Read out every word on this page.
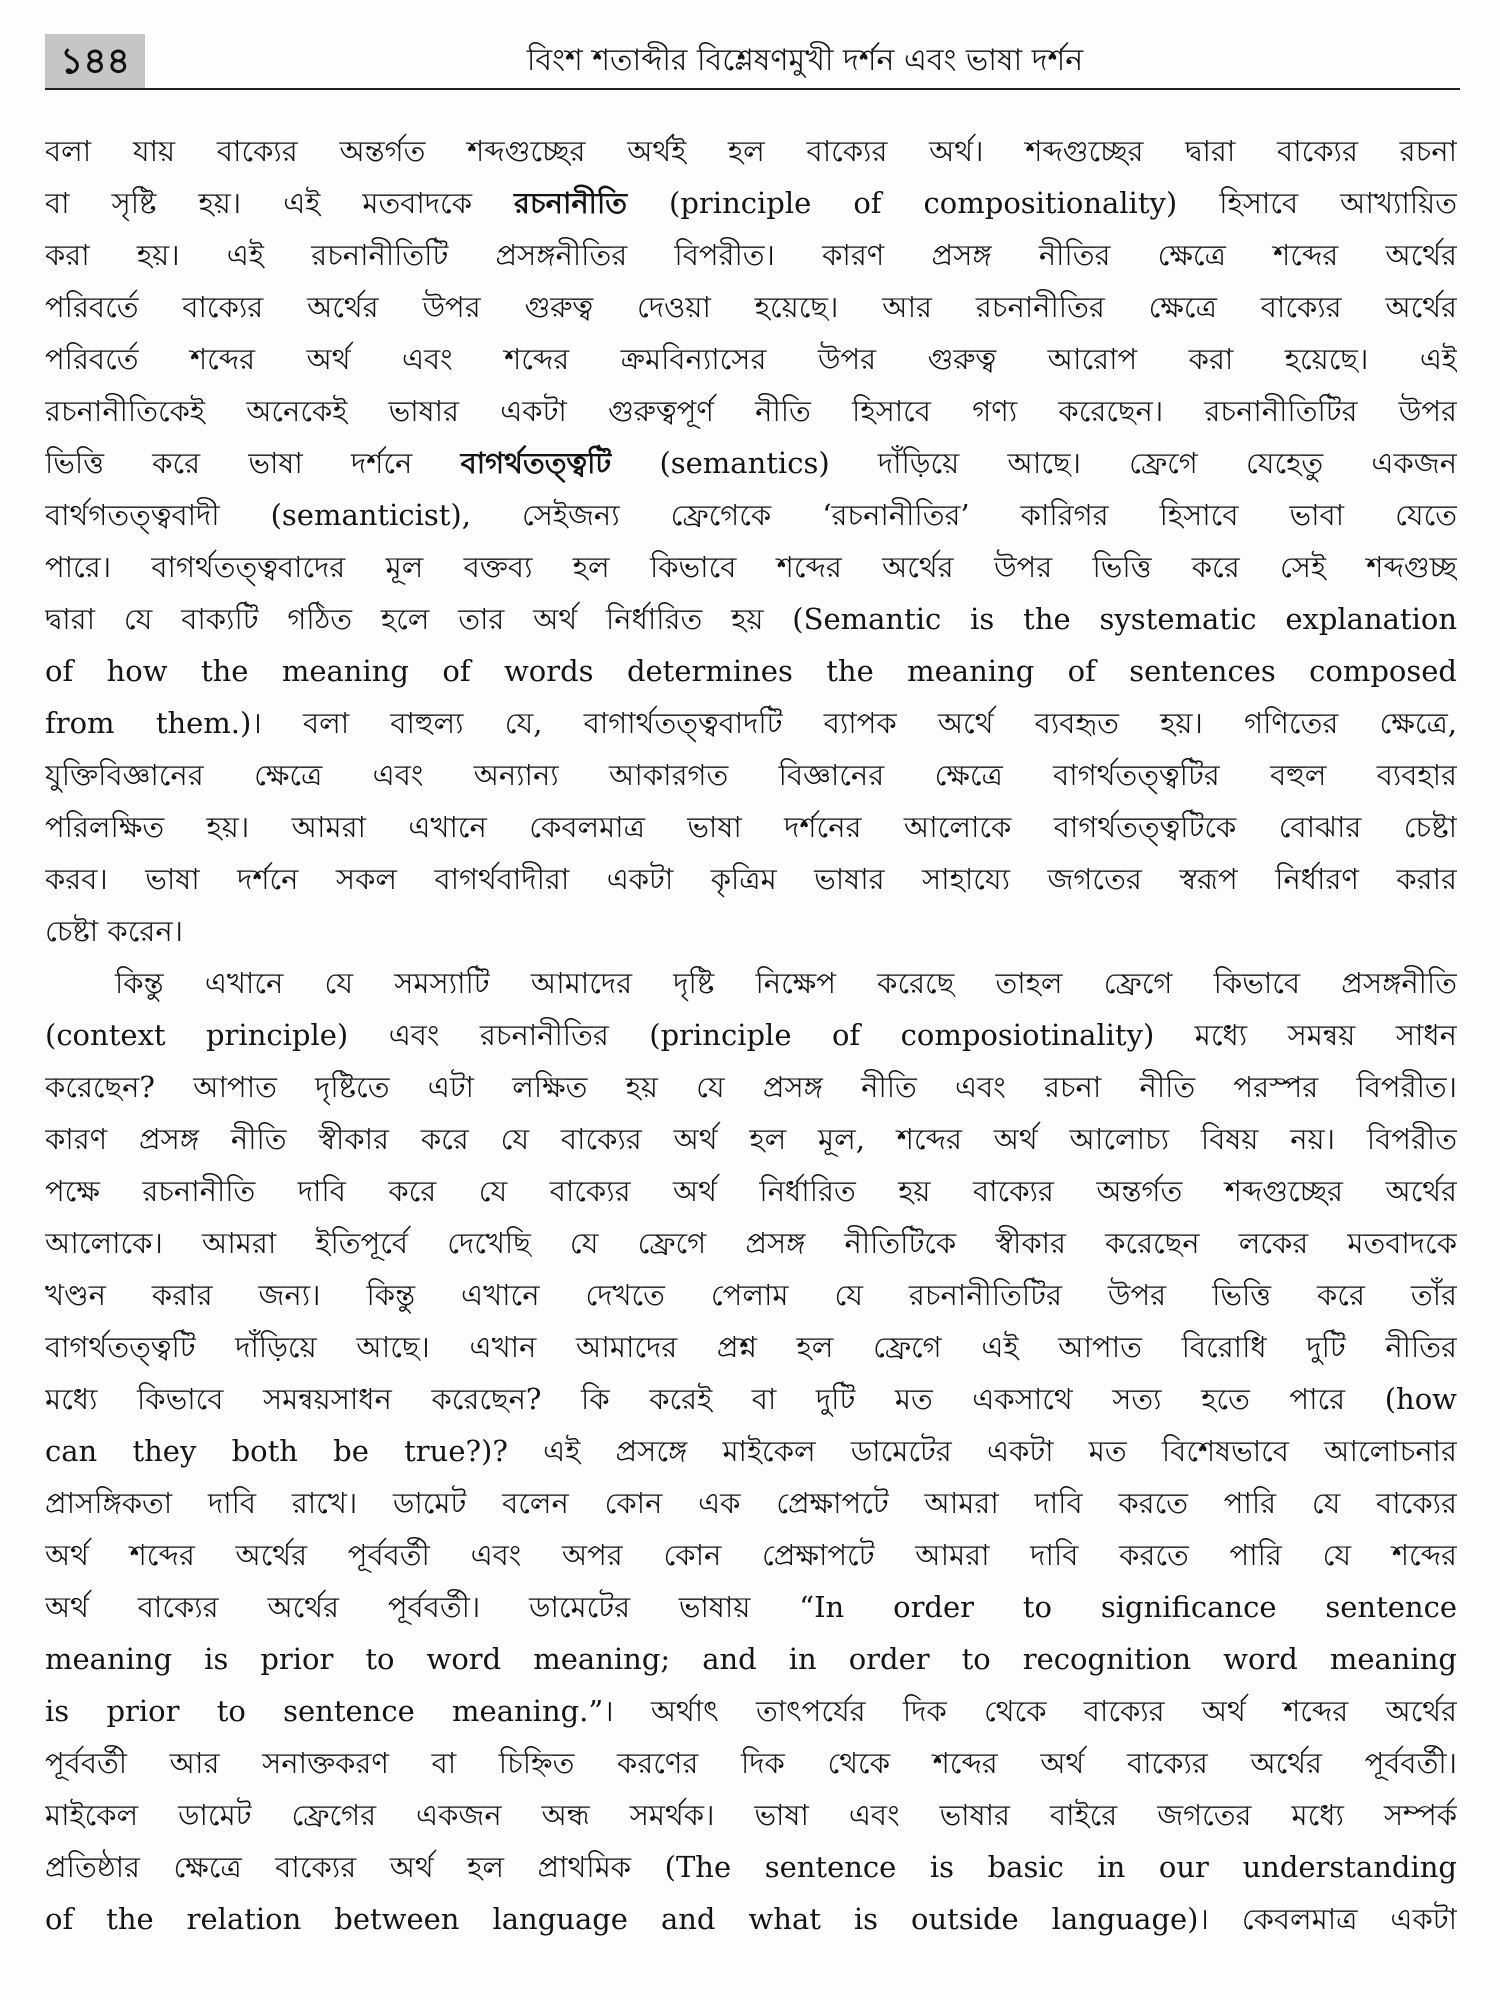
১৪৪	বিংশ শতাব্দীর বিশ্লেষণমুখী দর্শন এবং ভাষা দর্শন
বলা যায় বাক্যের অন্তর্গত শব্দগুচ্ছের অর্থই হল বাক্যের অর্থ। শব্দগুচ্ছের দ্বারা বাক্যের রচনা
বা সৃষ্টি হয়। এই মতবাদকে রচনানীতি (principle of compositionality) হিসাবে আখ্যায়িত
করা হয়। এই রচনানীতিটি প্রসঙ্গনীতির বিপরীত। কারণ প্রসঙ্গ নীতির ক্ষেত্রে শব্দের অর্থের
পরিবর্তে বাক্যের অর্থের উপর গুরুত্ব দেওয়া হয়েছে। আর রচনানীতির ক্ষেত্রে বাক্যের অর্থের
পরিবর্তে শব্দের অর্থ এবং শব্দের ক্রমবিন্যাসের উপর গুরুত্ব আরোপ করা হয়েছে। এই
রচনানীতিকেই অনেকেই ভাষার একটা গুরুত্বপূর্ণ নীতি হিসাবে গণ্য করেছেন। রচনানীতিটির উপর
ভিত্তি করে ভাষা দর্শনে বাগর্থতত্ত্বটি (semantics) দাঁড়িয়ে আছে। ফ্রেগে যেহেতু একজন
বার্থগতত্ত্ববাদী (semanticist), সেইজন্য ফ্রেগেকে ‘রচনানীতির’ কারিগর হিসাবে ভাবা যেতে
পারে। বাগর্থতত্ত্ববাদের মূল বক্তব্য হল কিভাবে শব্দের অর্থের উপর ভিত্তি করে সেই শব্দগুচ্ছ
দ্বারা যে বাক্যটি গঠিত হলে তার অর্থ নির্ধারিত হয় (Semantic is the systematic explanation
of how the meaning of words determines the meaning of sentences composed
from them.)। বলা বাহুল্য যে, বাগার্থতত্ত্ববাদটি ব্যাপক অর্থে ব্যবহৃত হয়। গণিতের ক্ষেত্রে,
যুক্তিবিজ্ঞানের ক্ষেত্রে এবং অন্যান্য আকারগত বিজ্ঞানের ক্ষেত্রে বাগর্থতত্ত্বটির বহুল ব্যবহার
পরিলক্ষিত হয়। আমরা এখানে কেবলমাত্র ভাষা দর্শনের আলোকে বাগর্থতত্ত্বটিকে বোঝার চেষ্টা
করব। ভাষা দর্শনে সকল বাগর্থবাদীরা একটা কৃত্রিম ভাষার সাহায্যে জগতের স্বরূপ নির্ধারণ করার
চেষ্টা করেন।
কিন্তু এখানে যে সমস্যাটি আমাদের দৃষ্টি নিক্ষেপ করেছে তাহল ফ্রেগে কিভাবে প্রসঙ্গনীতি
(context principle) এবং রচনানীতির (principle of composiotinality) মধ্যে সমন্বয় সাধন
করেছেন? আপাত দৃষ্টিতে এটা লক্ষিত হয় যে প্রসঙ্গ নীতি এবং রচনা নীতি পরস্পর বিপরীত।
কারণ প্রসঙ্গ নীতি স্বীকার করে যে বাক্যের অর্থ হল মূল, শব্দের অর্থ আলোচ্য বিষয় নয়। বিপরীত
পক্ষে রচনানীতি দাবি করে যে বাক্যের অর্থ নির্ধারিত হয় বাক্যের অন্তর্গত শব্দগুচ্ছের অর্থের
আলোকে। আমরা ইতিপূর্বে দেখেছি যে ফ্রেগে প্রসঙ্গ নীতিটিকে স্বীকার করেছেন লকের মতবাদকে
খণ্ডন করার জন্য। কিন্তু এখানে দেখতে পেলাম যে রচনানীতিটির উপর ভিত্তি করে তাঁর
বাগর্থতত্ত্বটি দাঁড়িয়ে আছে। এখান আমাদের প্রশ্ন হল ফ্রেগে এই আপাত বিরোধি দুটি নীতির
মধ্যে কিভাবে সমন্বয়সাধন করেছেন? কি করেই বা দুটি মত একসাথে সত্য হতে পারে (how
can they both be true?)? এই প্রসঙ্গে মাইকেল ডামেটের একটা মত বিশেষভাবে আলোচনার
প্রাসঙ্গিকতা দাবি রাখে। ডামেট বলেন কোন এক প্রেক্ষাপটে আমরা দাবি করতে পারি যে বাক্যের
অর্থ শব্দের অর্থের পূর্ববর্তী এবং অপর কোন প্রেক্ষাপটে আমরা দাবি করতে পারি যে শব্দের
অর্থ বাক্যের অর্থের পূর্ববর্তী। ডামেটের ভাষায় “In order to significance sentence
meaning is prior to word meaning; and in order to recognition word meaning
is prior to sentence meaning.”। অর্থাৎ তাৎপর্যের দিক থেকে বাক্যের অর্থ শব্দের অর্থের
পূর্ববর্তী আর সনাক্তকরণ বা চিহ্নিত করণের দিক থেকে শব্দের অর্থ বাক্যের অর্থের পূর্ববর্তী।
মাইকেল ডামেট ফ্রেগের একজন অন্ধ সমর্থক। ভাষা এবং ভাষার বাইরে জগতের মধ্যে সম্পর্ক
প্রতিষ্ঠার ক্ষেত্রে বাক্যের অর্থ হল প্রাথমিক (The sentence is basic in our understanding
of the relation between language and what is outside language)। কেবলমাত্র একটা
